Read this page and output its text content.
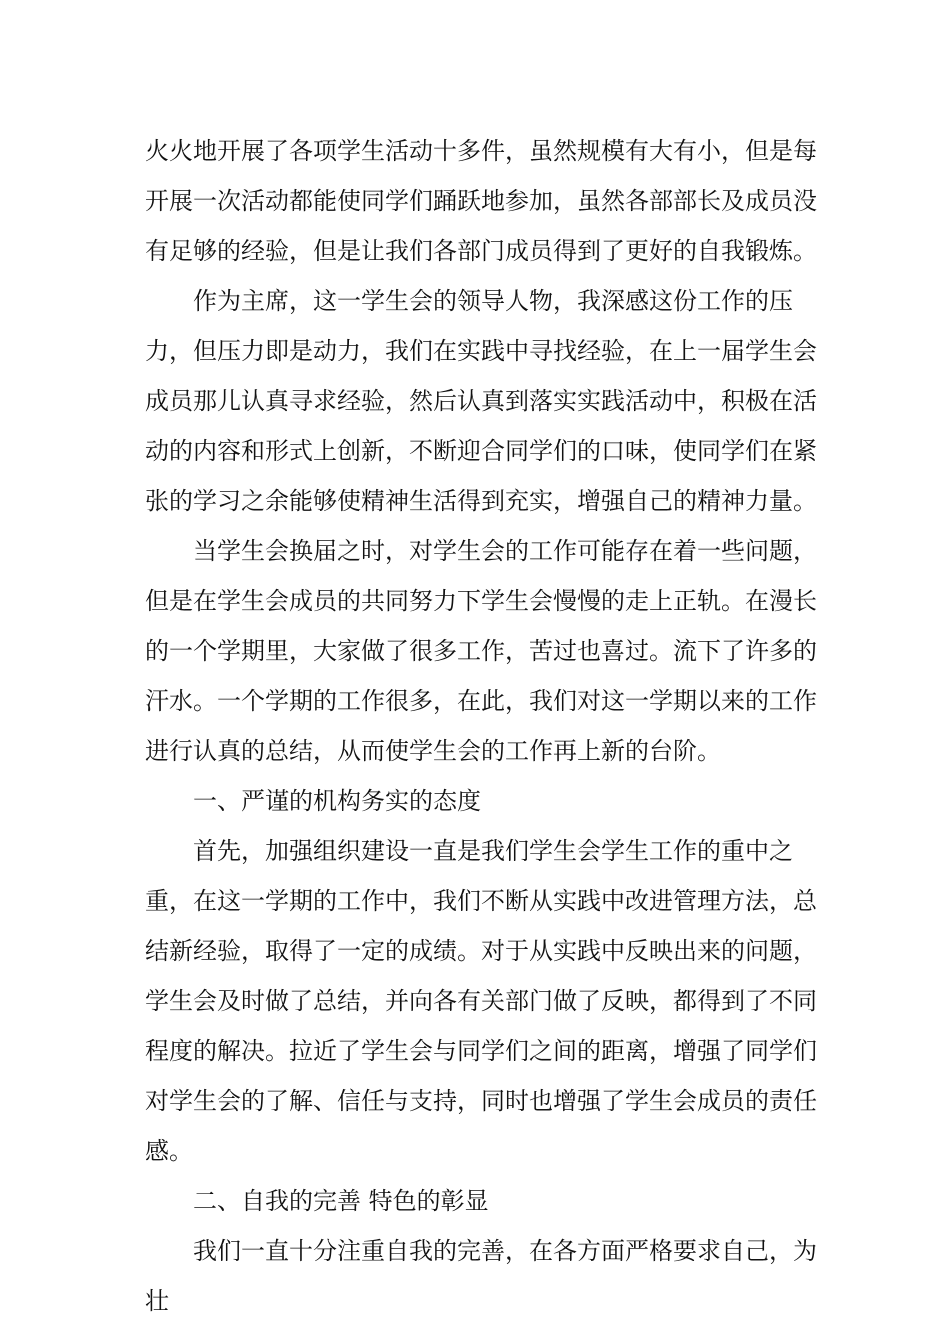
火火地开展了各项学生活动十多件，虽然规模有大有小，但是每开展一次活动都能使同学们踊跃地参加，虽然各部部长及成员没有足够的经验，但是让我们各部门成员得到了更好的自我锻炼。

作为主席，这一学生会的领导人物，我深感这份工作的压力，但压力即是动力，我们在实践中寻找经验，在上一届学生会成员那儿认真寻求经验，然后认真到落实实践活动中，积极在活动的内容和形式上创新，不断迎合同学们的口味，使同学们在紧张的学习之余能够使精神生活得到充实，增强自己的精神力量。

当学生会换届之时，对学生会的工作可能存在着一些问题，但是在学生会成员的共同努力下学生会慢慢的走上正轨。在漫长的一个学期里，大家做了很多工作，苦过也喜过。流下了许多的汗水。一个学期的工作很多，在此，我们对这一学期以来的工作进行认真的总结，从而使学生会的工作再上新的台阶。

一、严谨的机构务实的态度

首先，加强组织建设一直是我们学生会学生工作的重中之重，在这一学期的工作中，我们不断从实践中改进管理方法，总结新经验，取得了一定的成绩。对于从实践中反映出来的问题，学生会及时做了总结，并向各有关部门做了反映，都得到了不同程度的解决。拉近了学生会与同学们之间的距离，增强了同学们对学生会的了解、信任与支持，同时也增强了学生会成员的责任感。

二、自我的完善 特色的彰显

我们一直十分注重自我的完善，在各方面严格要求自己，为壮
